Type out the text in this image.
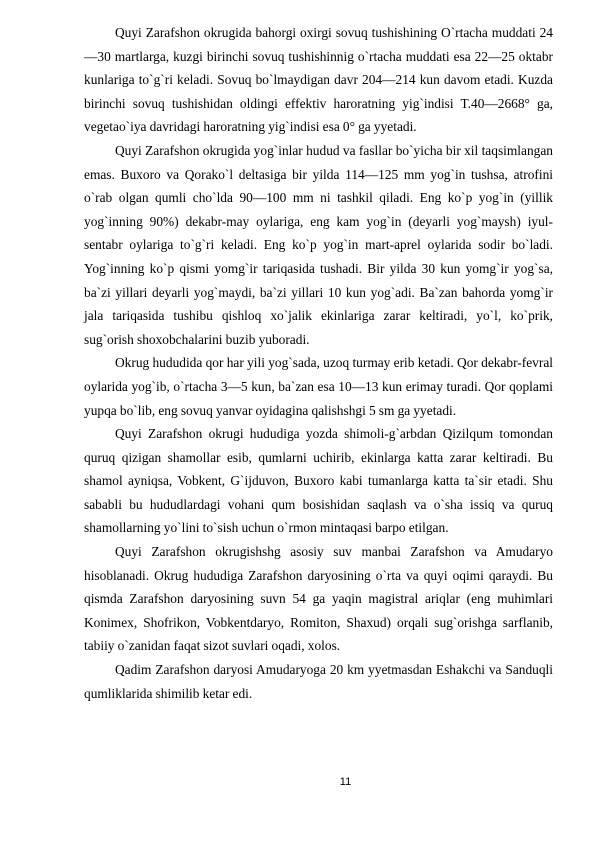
Quyi Zarafshon okrugida bahorgi oxirgi sovuq tushishining O`rtacha muddati 24—30 martlarga, kuzgi birinchi sovuq tushishinnig o`rtacha muddati esa 22—25 oktabr kunlariga to`g`ri keladi. Sovuq bo`lmaydigan davr 204—214 kun davom etadi. Kuzda birinchi sovuq tushishidan oldingi effektiv haroratning yig`indisi T.40—2668° ga, vegetao`iya davridagi haroratning yig`indisi esa 0° ga yyetadi.

Quyi Zarafshon okrugida yog`inlar hudud va fasllar bo`yicha bir xil taqsimlangan emas. Buxoro va Qorako`l deltasiga bir yilda 114—125 mm yog`in tushsa, atrofini o`rab olgan qumli cho`lda 90—100 mm ni tashkil qiladi. Eng ko`p yog`in (yillik yog`inning 90%) dekabr-may oylariga, eng kam yog`in (deyarli yog`maysh) iyul-sentabr oylariga to`g`ri keladi. Eng ko`p yog`in mart-aprel oylarida sodir bo`ladi. Yog`inning ko`p qismi yomg`ir tariqasida tushadi. Bir yilda 30 kun yomg`ir yog`sa, ba`zi yillari deyarli yog`maydi, ba`zi yillari 10 kun yog`adi. Ba`zan bahorda yomg`ir jala tariqasida tushibu qishloq xo`jalik ekinlariga zarar keltiradi, yo`l, ko`prik, sug`orish shoxobchalarini buzib yuboradi.

Okrug hududida qor har yili yog`sada, uzoq turmay erib ketadi. Qor dekabr-fevral oylarida yog`ib, o`rtacha 3—5 kun, ba`zan esa 10—13 kun erimay turadi. Qor qoplami yupqa bo`lib, eng sovuq yanvar oyidagina qalishshgi 5 sm ga yyetadi.

Quyi Zarafshon okrugi hududiga yozda shimoli-g`arbdan Qizilqum tomondan quruq qizigan shamollar esib, qumlarni uchirib, ekinlarga katta zarar keltiradi. Bu shamol ayniqsa, Vobkent, G`ijduvon, Buxoro kabi tumanlarga katta ta`sir etadi. Shu sababli bu hududlardagi vohani qum bosishidan saqlash va o`sha issiq va quruq shamollarning yo`lini to`sish uchun o`rmon mintaqasi barpo etilgan.

Quyi Zarafshon okrugishshg asosiy suv manbai Zarafshon va Amudaryo hisoblanadi. Okrug hududiga Zarafshon daryosining o`rta va quyi oqimi qaraydi. Bu qismda Zarafshon daryosining suvn 54 ga yaqin magistral ariqlar (eng muhimlari Konimex, Shofrikon, Vobkentdaryo, Romiton, Shaxud) orqali sug`orishga sarflanib, tabiiy o`zanidan faqat sizot suvlari oqadi, xolos.

Qadim Zarafshon daryosi Amudaryoga 20 km yyetmasdan Eshakchi va Sanduqli qumliklarida shimilib ketar edi.

11
